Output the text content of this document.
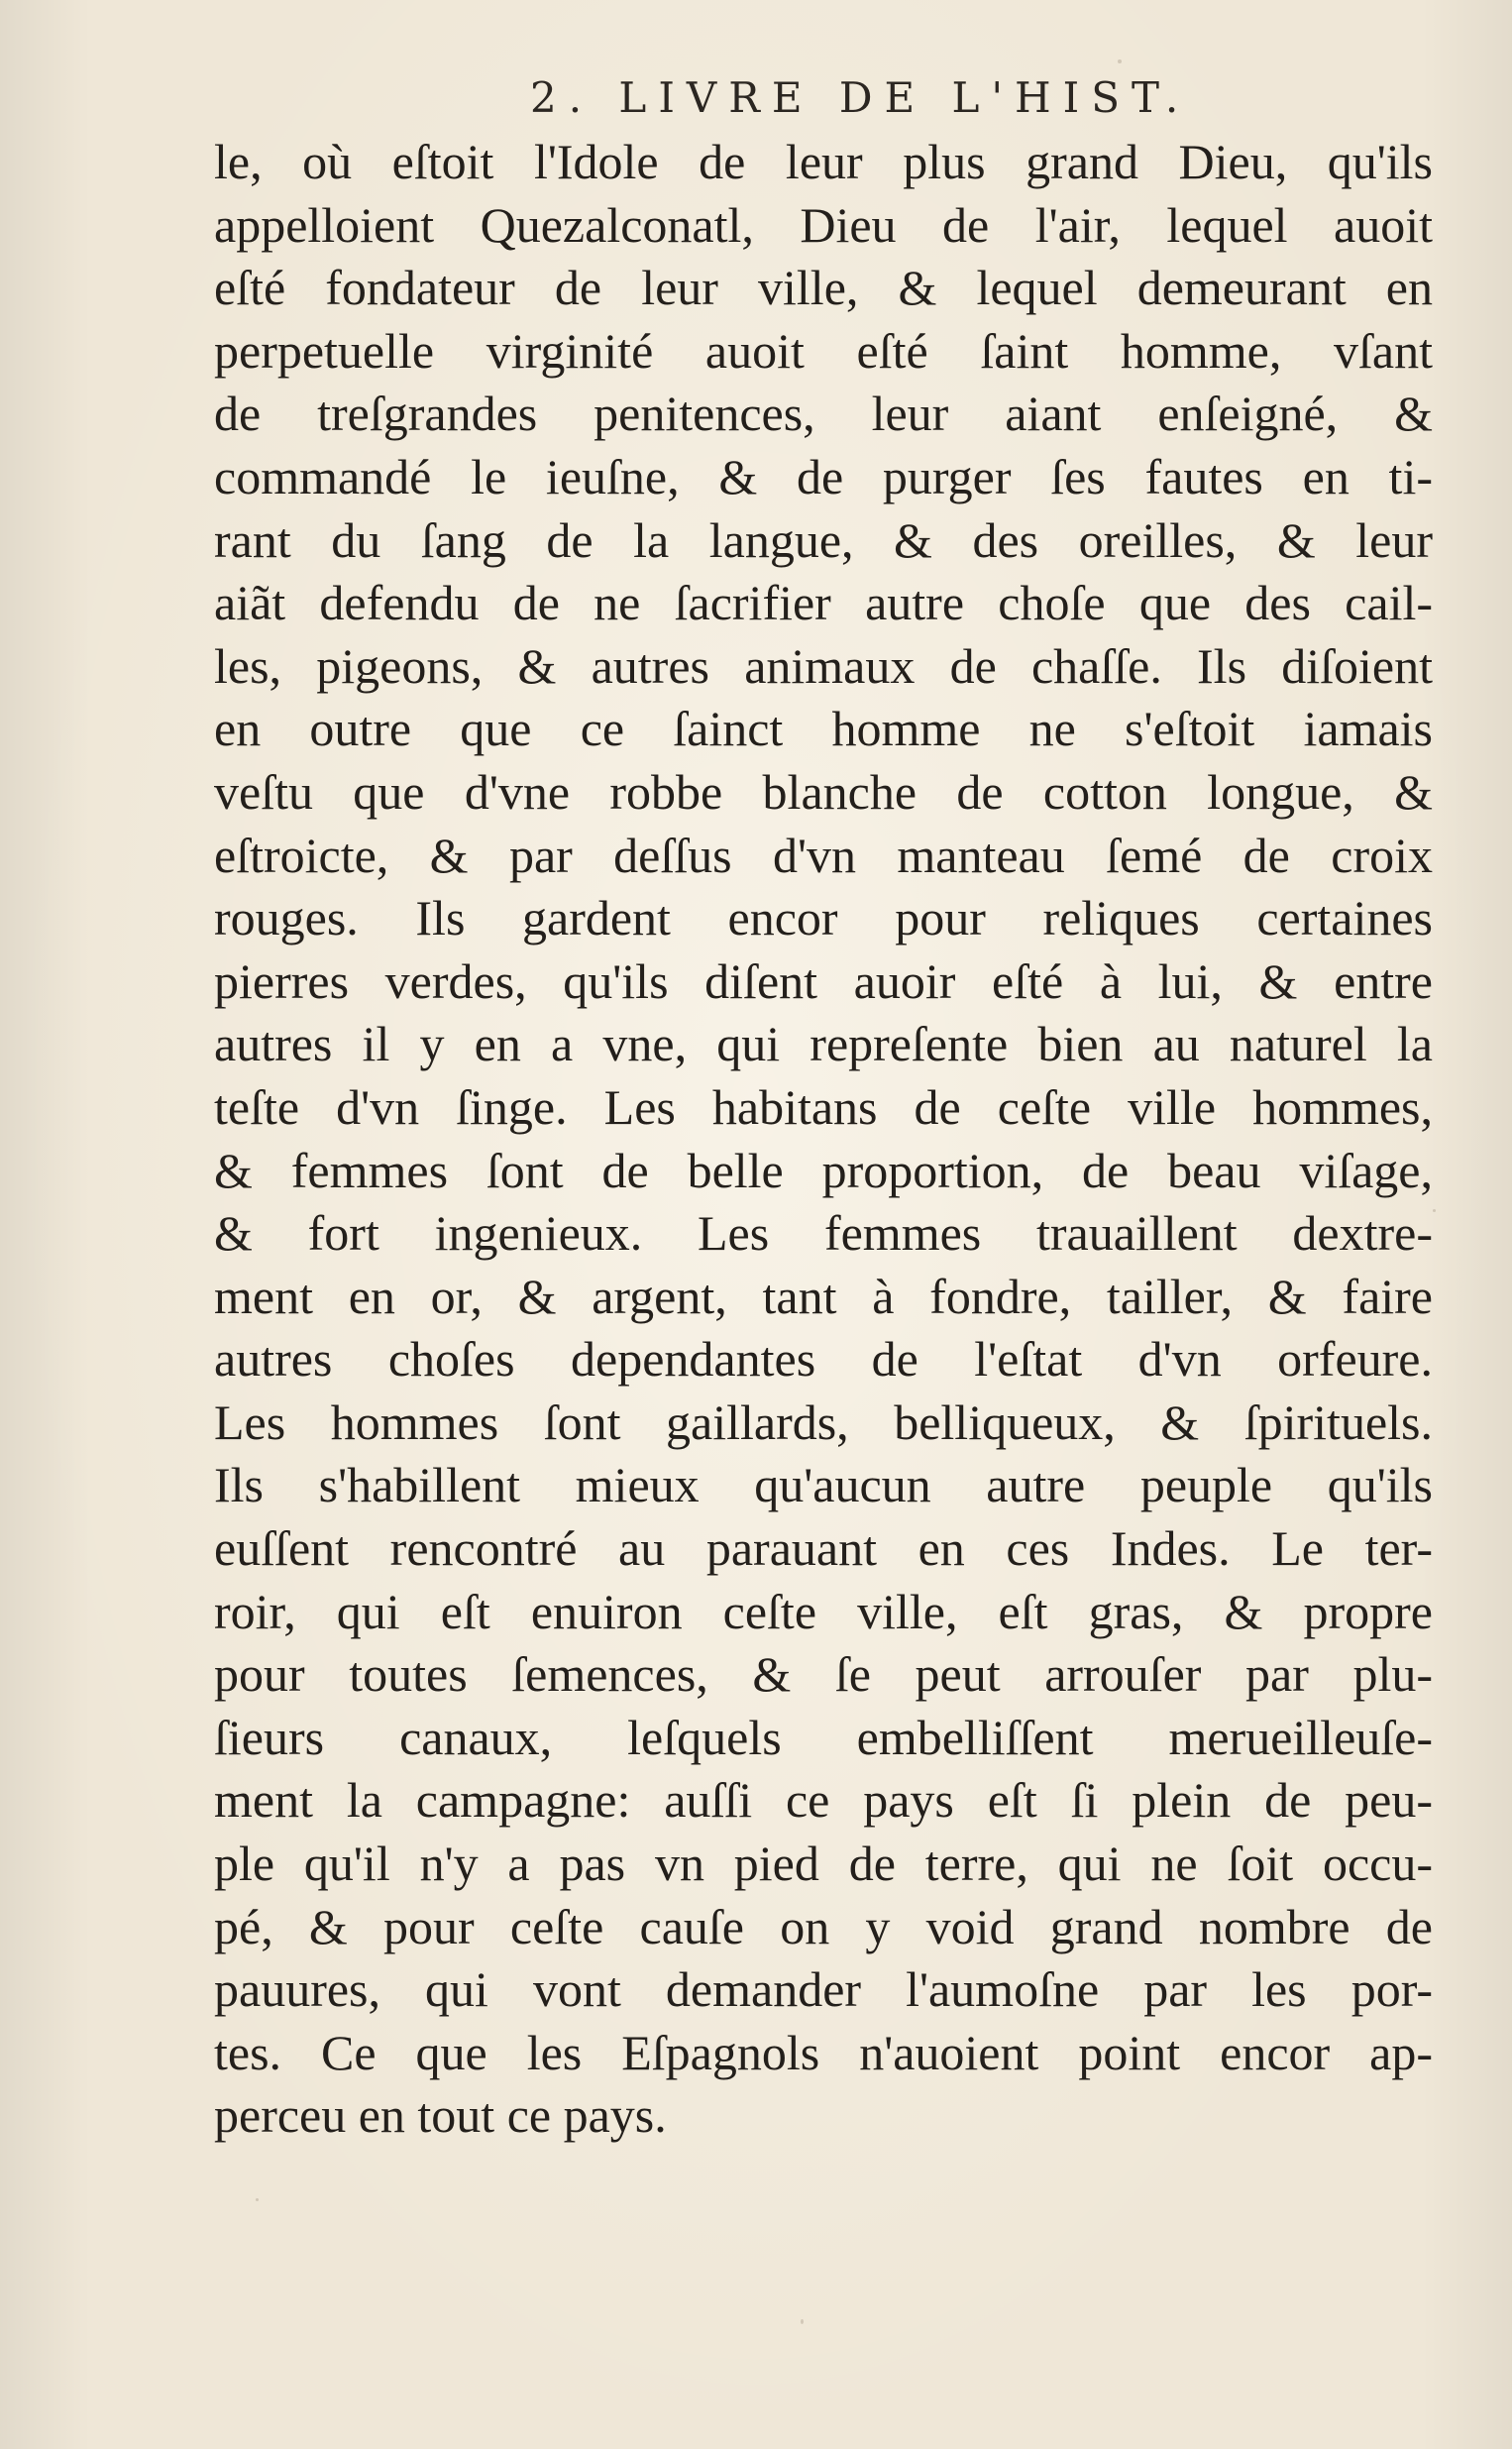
2. LIVRE DE L'HIST.
le, où eſtoit l'Idole de leur plus grand Dieu, qu'ils
appelloient Quezalconatl, Dieu de l'air, lequel auoit
eſté fondateur de leur ville, & lequel demeurant en
perpetuelle virginité auoit eſté ſaint homme, vſant
de treſgrandes penitences, leur aiant enſeigné, &
commandé le ieuſne, & de purger ſes fautes en ti-
rant du ſang de la langue, & des oreilles, & leur
aiãt defendu de ne ſacrifier autre choſe que des cail-
les, pigeons, & autres animaux de chaſſe. Ils diſoient
en outre que ce ſainct homme ne s'eſtoit iamais
veſtu que d'vne robbe blanche de cotton longue, &
eſtroicte, & par deſſus d'vn manteau ſemé de croix
rouges. Ils gardent encor pour reliques certaines
pierres verdes, qu'ils diſent auoir eſté à lui, & entre
autres il y en a vne, qui repreſente bien au naturel la
teſte d'vn ſinge. Les habitans de ceſte ville hommes,
& femmes ſont de belle proportion, de beau viſage,
& fort ingenieux. Les femmes trauaillent dextre-
ment en or, & argent, tant à fondre, tailler, & faire
autres choſes dependantes de l'eſtat d'vn orfeure.
Les hommes ſont gaillards, belliqueux, & ſpirituels.
Ils s'habillent mieux qu'aucun autre peuple qu'ils
euſſent rencontré au parauant en ces Indes. Le ter-
roir, qui eſt enuiron ceſte ville, eſt gras, & propre
pour toutes ſemences, & ſe peut arrouſer par plu-
ſieurs canaux, leſquels embelliſſent merueilleuſe-
ment la campagne: auſſi ce pays eſt ſi plein de peu-
ple qu'il n'y a pas vn pied de terre, qui ne ſoit occu-
pé, & pour ceſte cauſe on y void grand nombre de
pauures, qui vont demander l'aumoſne par les por-
tes. Ce que les Eſpagnols n'auoient point encor ap-
perceu en tout ce pays.
